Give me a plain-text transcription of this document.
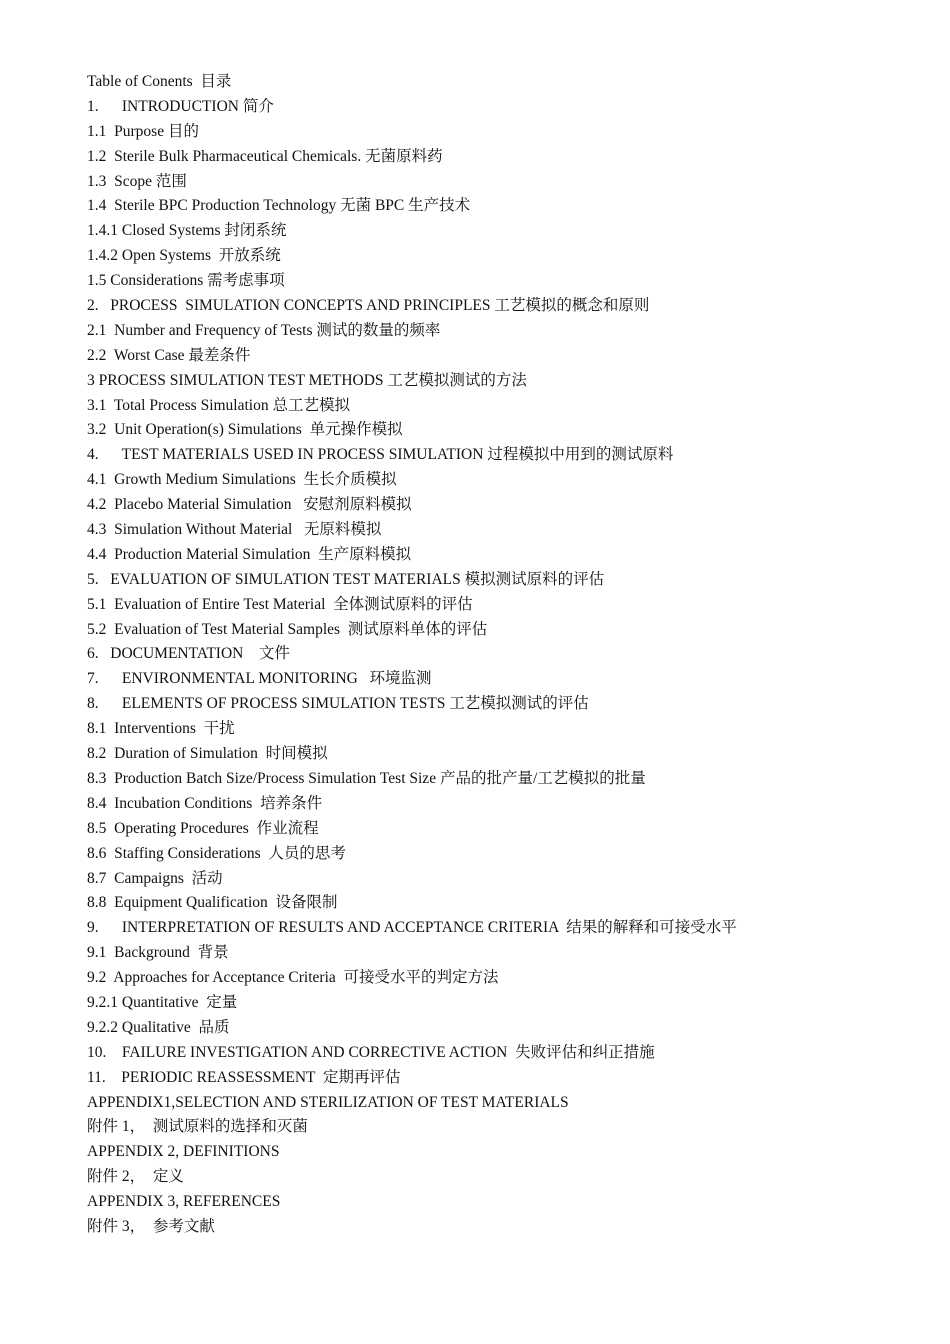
Table of Conents  目录
1.      INTRODUCTION 简介
1.1  Purpose 目的
1.2  Sterile Bulk Pharmaceutical Chemicals. 无菌原料药
1.3  Scope 范围
1.4  Sterile BPC Production Technology 无菌 BPC 生产技术
1.4.1 Closed Systems 封闭系统
1.4.2 Open Systems  开放系统
1.5 Considerations 需考虑事项
2.   PROCESS  SIMULATION CONCEPTS AND PRINCIPLES 工艺模拟的概念和原则
2.1  Number and Frequency of Tests 测试的数量的频率
2.2  Worst Case 最差条件
3 PROCESS SIMULATION TEST METHODS 工艺模拟测试的方法
3.1  Total Process Simulation 总工艺模拟
3.2  Unit Operation(s) Simulations  单元操作模拟
4.      TEST MATERIALS USED IN PROCESS SIMULATION 过程模拟中用到的测试原料
4.1  Growth Medium Simulations  生长介质模拟
4.2  Placebo Material Simulation   安慰剂原料模拟
4.3  Simulation Without Material   无原料模拟
4.4  Production Material Simulation  生产原料模拟
5.   EVALUATION OF SIMULATION TEST MATERIALS 模拟测试原料的评估
5.1  Evaluation of Entire Test Material  全体测试原料的评估
5.2  Evaluation of Test Material Samples  测试原料单体的评估
6.   DOCUMENTATION    文件
7.      ENVIRONMENTAL MONITORING   环境监测
8.      ELEMENTS OF PROCESS SIMULATION TESTS 工艺模拟测试的评估
8.1  Interventions  干扰
8.2  Duration of Simulation  时间模拟
8.3  Production Batch Size/Process Simulation Test Size 产品的批产量/工艺模拟的批量
8.4  Incubation Conditions  培养条件
8.5  Operating Procedures  作业流程
8.6  Staffing Considerations  人员的思考
8.7  Campaigns  活动
8.8  Equipment Qualification  设备限制
9.      INTERPRETATION OF RESULTS AND ACCEPTANCE CRITERIA  结果的解释和可接受水平
9.1  Background  背景
9.2  Approaches for Acceptance Criteria  可接受水平的判定方法
9.2.1 Quantitative  定量
9.2.2 Qualitative  品质
10.    FAILURE INVESTIGATION AND CORRECTIVE ACTION  失败评估和纠正措施
11.    PERIODIC REASSESSMENT  定期再评估
APPENDIX1,SELECTION AND STERILIZATION OF TEST MATERIALS
附件 1，  测试原料的选择和灭菌
APPENDIX 2, DEFINITIONS
附件 2，  定义
APPENDIX 3, REFERENCES
附件 3，  参考文献
